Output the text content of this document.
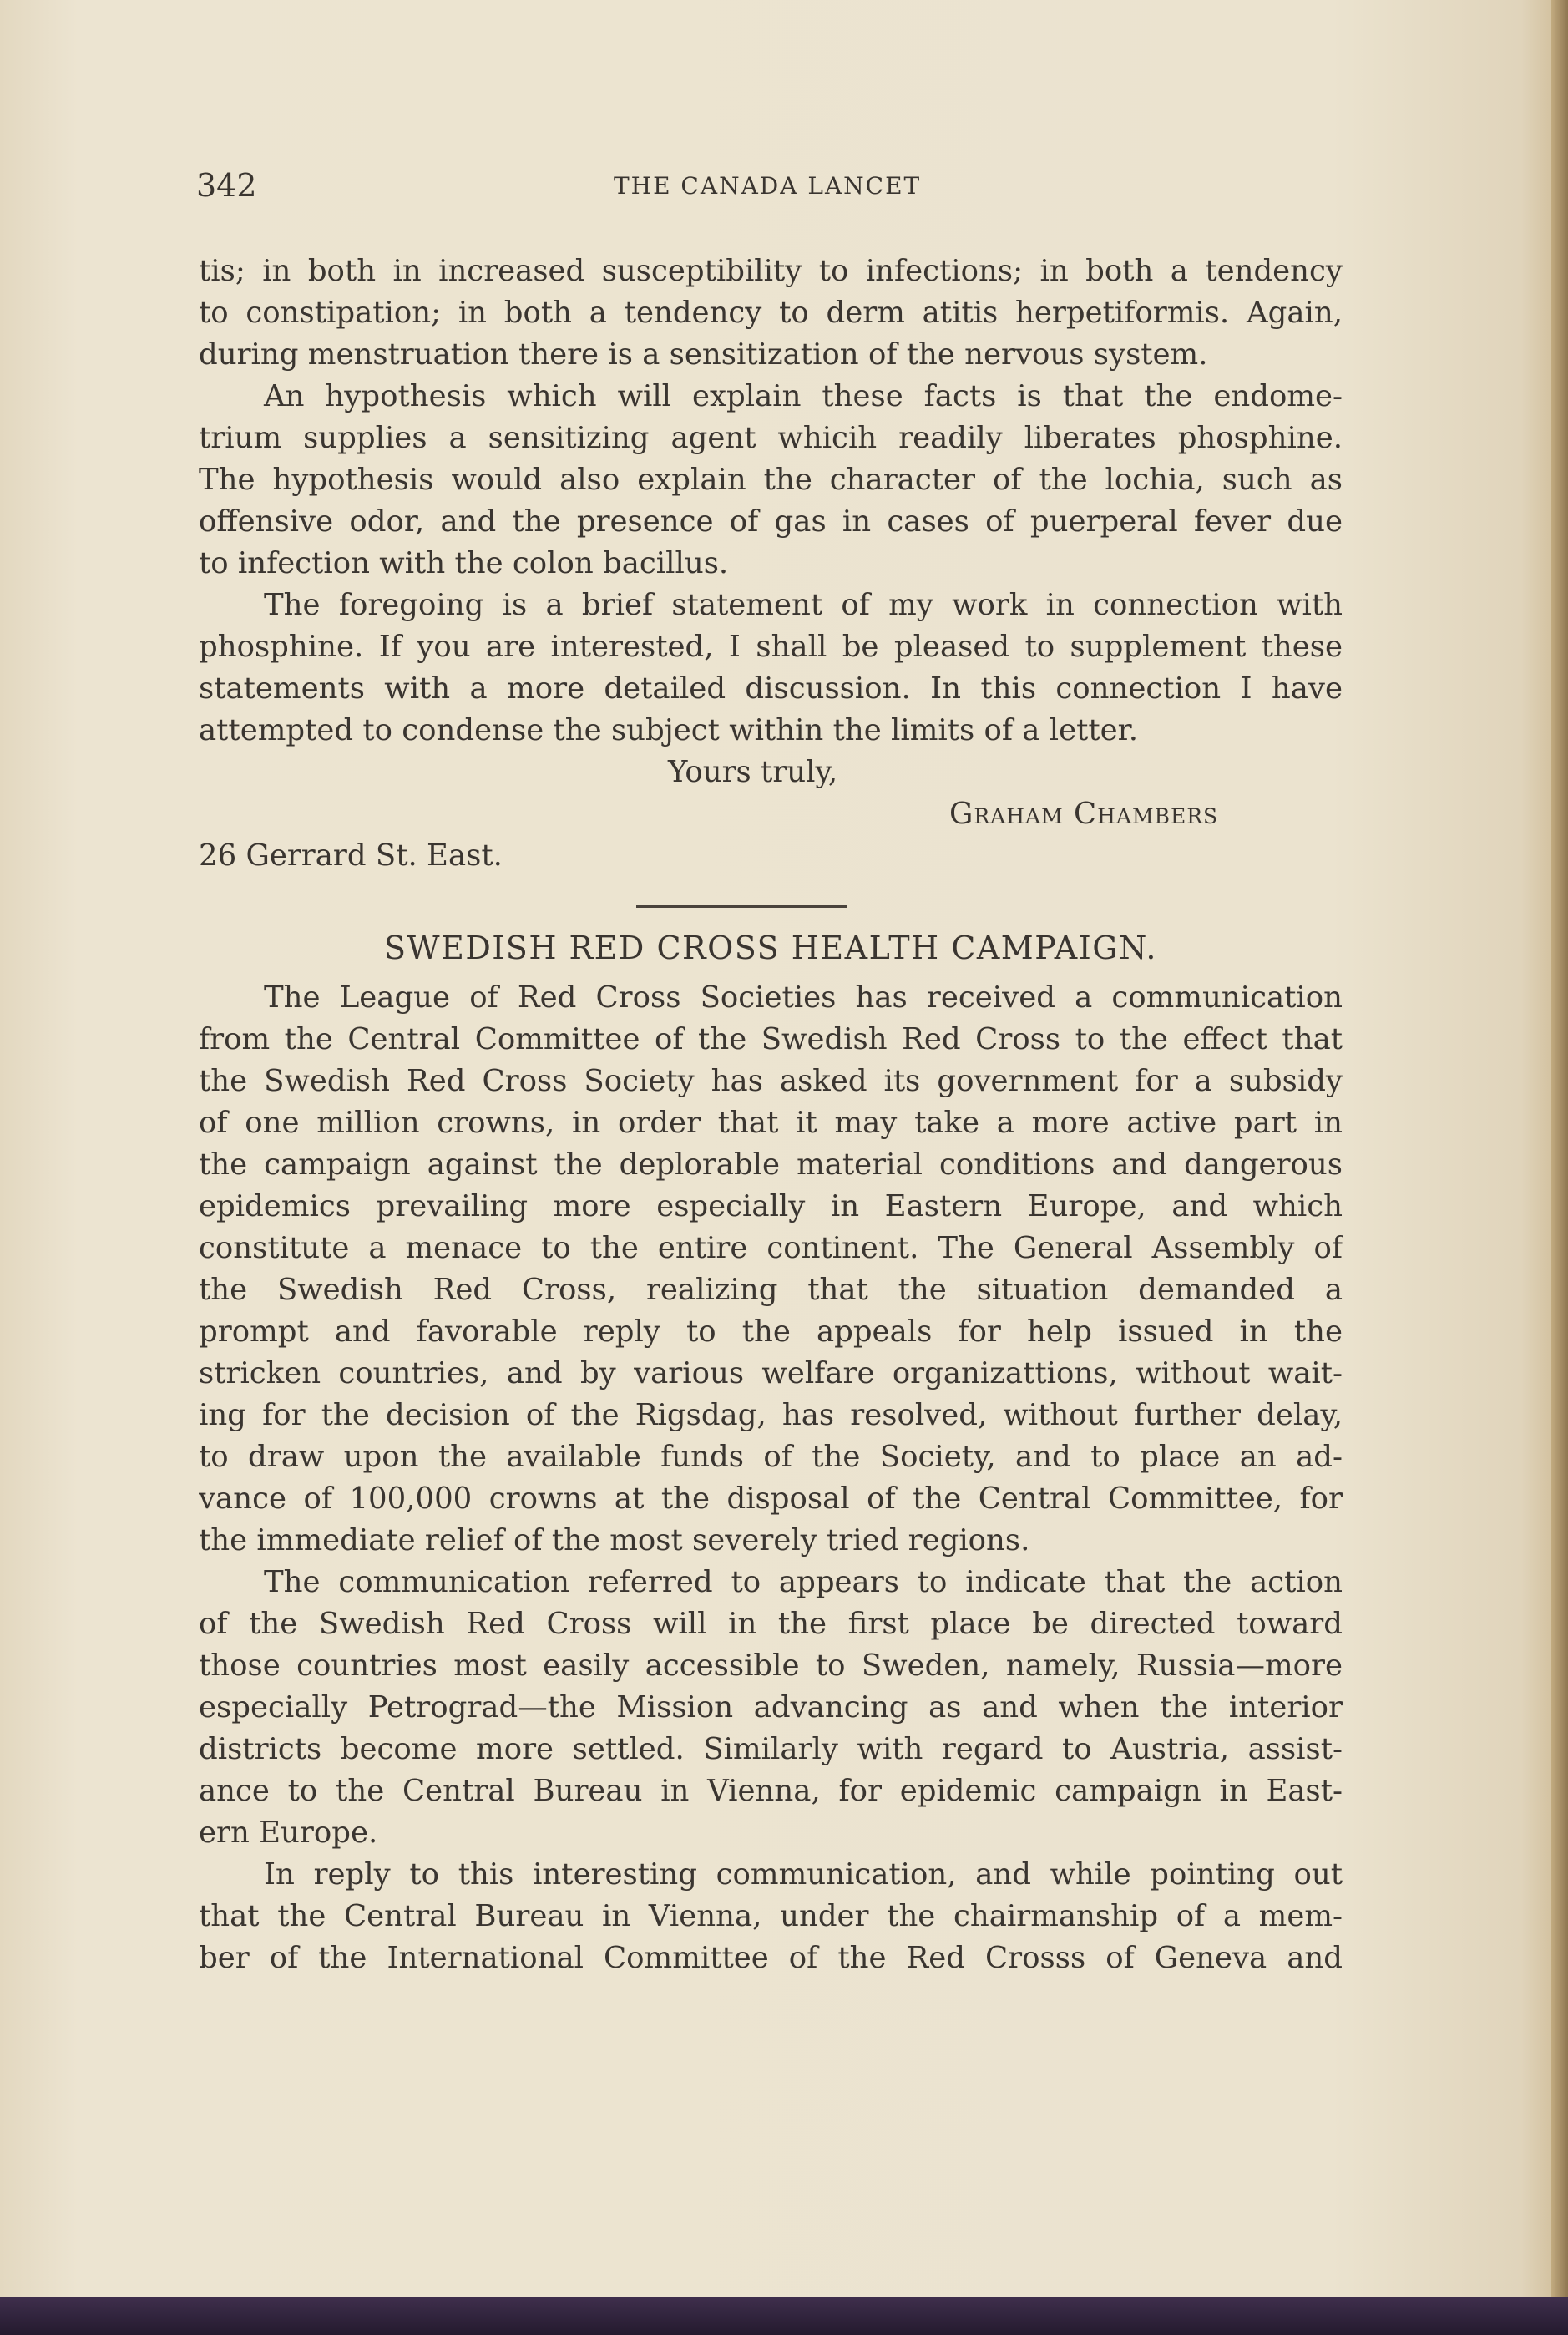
342	THE CANADA LANCET
tis; in both in increased susceptibility to infections; in both a tendency
to constipation; in both a tendency to derm atitis herpetiformis. Again,
during menstruation there is a sensitization of the nervous system.
An hypothesis which will explain these facts is that the endome-
trium supplies a sensitizing agent whicih readily liberates phosphine.
The hypothesis would also explain the character of the lochia, such as
offensive odor, and the presence of gas in cases of puerperal fever due
to infection with the colon bacillus.
The foregoing is a brief statement of my work in connection with
phosphine. If you are interested, I shall be pleased to supplement these
statements with a more detailed discussion. In this connection I have
attempted to condense the subject within the limits of a letter.
Yours truly,
Graham Chambers
26 Gerrard St. East.
SWEDISH RED CROSS HEALTH CAMPAIGN.
The League of Red Cross Societies has received a communication
from the Central Committee of the Swedish Red Cross to the effect that
the Swedish Red Cross Society has asked its government for a subsidy
of one million crowns, in order that it may take a more active part in
the campaign against the deplorable material conditions and dangerous
epidemics prevailing more especially in Eastern Europe, and which
constitute a menace to the entire continent. The General Assembly of
the Swedish Red Cross, realizing that the situation demanded a
prompt and favorable reply to the appeals for help issued in the
stricken countries, and by various welfare organizattions, without wait-
ing for the decision of the Rigsdag, has resolved, without further delay,
to draw upon the available funds of the Society, and to place an ad-
vance of 100,000 crowns at the disposal of the Central Committee, for
the immediate relief of the most severely tried regions.
The communication referred to appears to indicate that the action
of the Swedish Red Cross will in the first place be directed toward
those countries most easily accessible to Sweden, namely, Russia—more
especially Petrograd—the Mission advancing as and when the interior
districts become more settled. Similarly with regard to Austria, assist-
ance to the Central Bureau in Vienna, for epidemic campaign in East-
ern Europe.
In reply to this interesting communication, and while pointing out
that the Central Bureau in Vienna, under the chairmanship of a mem-
ber of the International Committee of the Red Crosss of Geneva and
